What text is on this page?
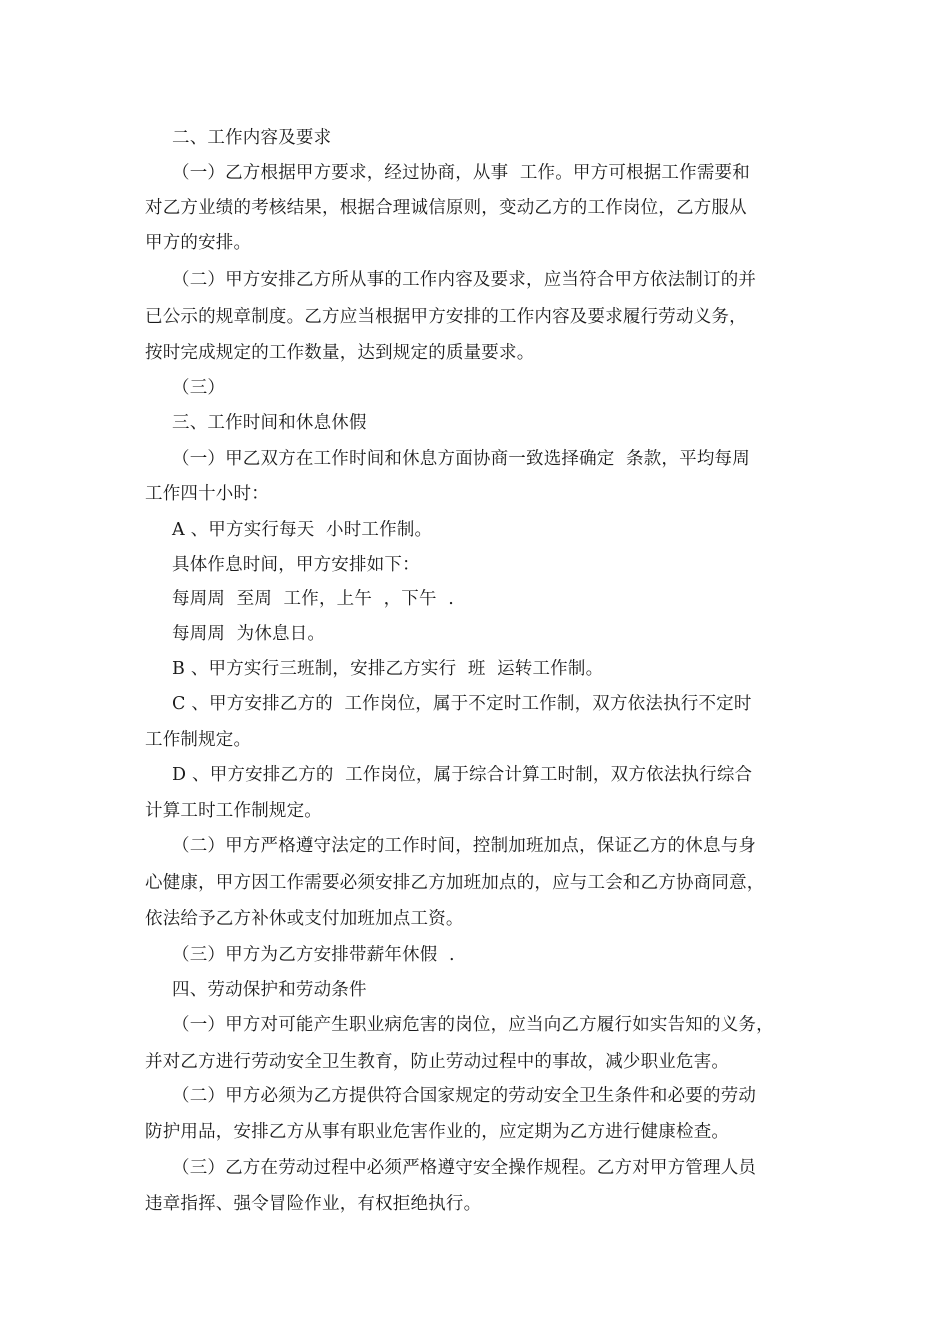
二、工作内容及要求
（一）乙方根据甲方要求，经过协商，从事  工作。甲方可根据工作需要和
对乙方业绩的考核结果，根据合理诚信原则，变动乙方的工作岗位，乙方服从
甲方的安排。
（二）甲方安排乙方所从事的工作内容及要求，应当符合甲方依法制订的并
已公示的规章制度。乙方应当根据甲方安排的工作内容及要求履行劳动义务，
按时完成规定的工作数量，达到规定的质量要求。
（三）
三、工作时间和休息休假
（一）甲乙双方在工作时间和休息方面协商一致选择确定  条款，平均每周
工作四十小时：
A 、甲方实行每天  小时工作制。
具体作息时间，甲方安排如下：
每周周  至周  工作，上午  ，下午  .
每周周  为休息日。
B 、甲方实行三班制，安排乙方实行  班  运转工作制。
C 、甲方安排乙方的  工作岗位，属于不定时工作制，双方依法执行不定时
工作制规定。
D 、甲方安排乙方的  工作岗位，属于综合计算工时制，双方依法执行综合
计算工时工作制规定。
（二）甲方严格遵守法定的工作时间，控制加班加点，保证乙方的休息与身
心健康，甲方因工作需要必须安排乙方加班加点的，应与工会和乙方协商同意，
依法给予乙方补休或支付加班加点工资。
（三）甲方为乙方安排带薪年休假  .
四、劳动保护和劳动条件
（一）甲方对可能产生职业病危害的岗位，应当向乙方履行如实告知的义务，
并对乙方进行劳动安全卫生教育，防止劳动过程中的事故，减少职业危害。
（二）甲方必须为乙方提供符合国家规定的劳动安全卫生条件和必要的劳动
防护用品，安排乙方从事有职业危害作业的，应定期为乙方进行健康检查。
（三）乙方在劳动过程中必须严格遵守安全操作规程。乙方对甲方管理人员
违章指挥、强令冒险作业，有权拒绝执行。
